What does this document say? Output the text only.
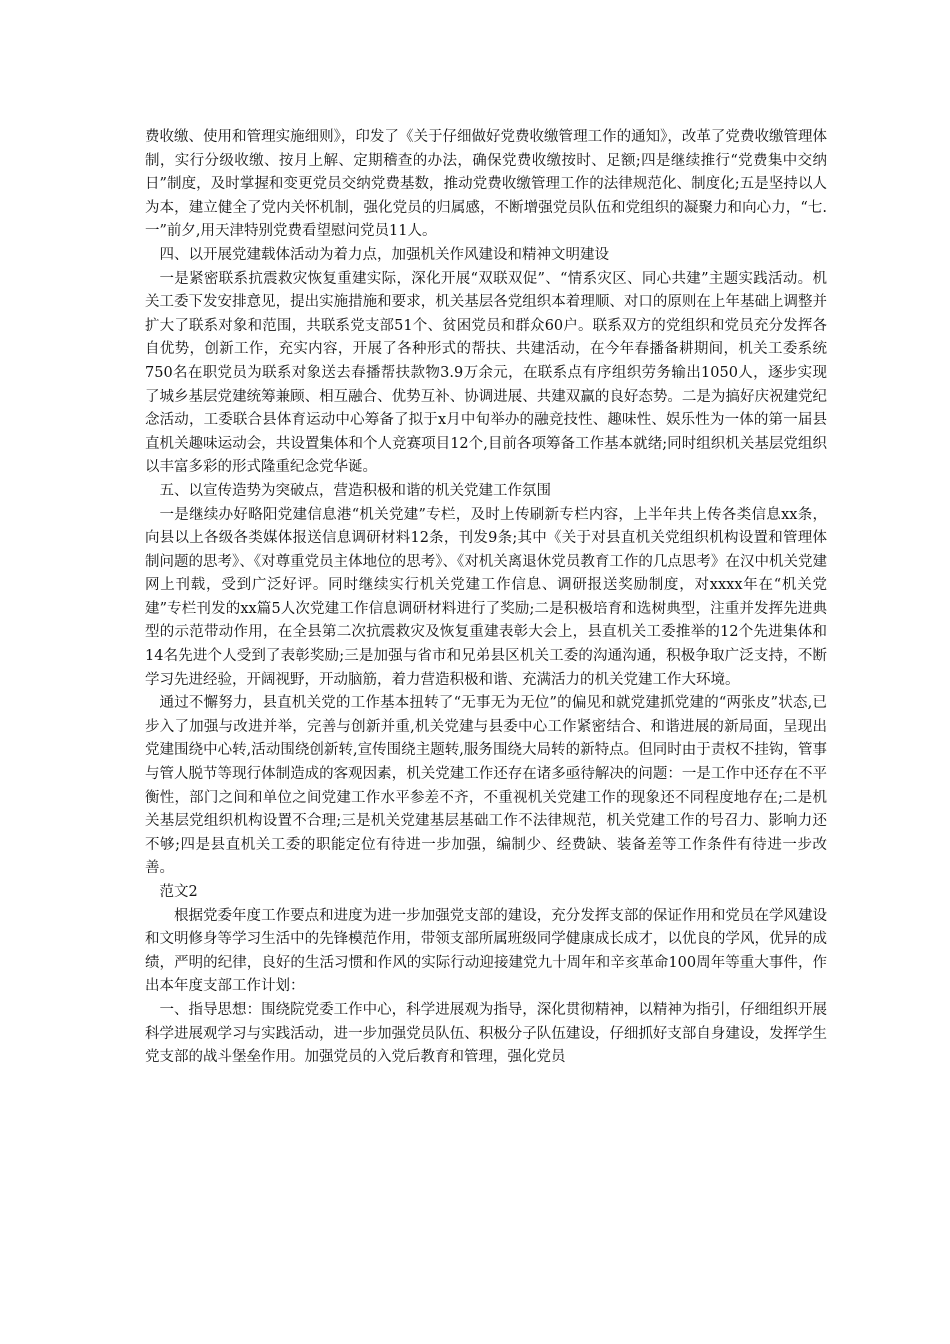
费收缴、使用和管理实施细则》，印发了《关于仔细做好党费收缴管理工作的通知》，改革了党费收缴管理体制，实行分级收缴、按月上解、定期稽查的办法，确保党费收缴按时、足额;四是继续推行“党费集中交纳日”制度，及时掌握和变更党员交纳党费基数，推动党费收缴管理工作的法律规范化、制度化;五是坚持以人为本，建立健全了党内关怀机制，强化党员的归属感，不断增强党员队伍和党组织的凝聚力和向心力，“七.一”前夕,用天津特别党费看望慰问党员11人。

四、以开展党建载体活动为着力点，加强机关作风建设和精神文明建设

一是紧密联系抗震救灾恢复重建实际，深化开展“双联双促”、“情系灾区、同心共建”主题实践活动。机关工委下发安排意见，提出实施措施和要求，机关基层各党组织本着理顺、对口的原则在上年基础上调整并扩大了联系对象和范围，共联系党支部51个、贫困党员和群众60户。联系双方的党组织和党员充分发挥各自优势，创新工作，充实内容，开展了各种形式的帮扶、共建活动，在今年春播备耕期间，机关工委系统750名在职党员为联系对象送去春播帮扶款物3.9万余元，在联系点有序组织劳务输出1050人，逐步实现了城乡基层党建统筹兼顾、相互融合、优势互补、协调进展、共建双赢的良好态势。二是为搞好庆祝建党纪念活动，工委联合县体育运动中心筹备了拟于x月中旬举办的融竞技性、趣味性、娱乐性为一体的第一届县直机关趣味运动会，共设置集体和个人竞赛项目12个,目前各项筹备工作基本就绪;同时组织机关基层党组织以丰富多彩的形式隆重纪念党华诞。

五、以宣传造势为突破点，营造积极和谐的机关党建工作氛围

一是继续办好略阳党建信息港“机关党建”专栏，及时上传刷新专栏内容，上半年共上传各类信息xx条，向县以上各级各类媒体报送信息调研材料12条，刊发9条;其中《关于对县直机关党组织机构设置和管理体制问题的思考》、《对尊重党员主体地位的思考》、《对机关离退休党员教育工作的几点思考》在汉中机关党建网上刊载，受到广泛好评。同时继续实行机关党建工作信息、调研报送奖励制度，对xxxx年在“机关党建”专栏刊发的xx篇5人次党建工作信息调研材料进行了奖励;二是积极培育和选树典型，注重并发挥先进典型的示范带动作用，在全县第二次抗震救灾及恢复重建表彰大会上，县直机关工委推举的12个先进集体和14名先进个人受到了表彰奖励;三是加强与省市和兄弟县区机关工委的沟通沟通，积极争取广泛支持，不断学习先进经验，开阔视野，开动脑筋，着力营造积极和谐、充满活力的机关党建工作大环境。

通过不懈努力，县直机关党的工作基本扭转了“无事无为无位”的偏见和就党建抓党建的“两张皮”状态,已步入了加强与改进并举，完善与创新并重,机关党建与县委中心工作紧密结合、和谐进展的新局面，呈现出党建围绕中心转,活动围绕创新转,宣传围绕主题转,服务围绕大局转的新特点。但同时由于责权不挂钩，管事与管人脱节等现行体制造成的客观因素，机关党建工作还存在诸多亟待解决的问题：一是工作中还存在不平衡性，部门之间和单位之间党建工作水平参差不齐，不重视机关党建工作的现象还不同程度地存在;二是机关基层党组织机构设置不合理;三是机关党建基层基础工作不法律规范，机关党建工作的号召力、影响力还不够;四是县直机关工委的职能定位有待进一步加强，编制少、经费缺、装备差等工作条件有待进一步改善。

范文2

根据党委年度工作要点和进度为进一步加强党支部的建设，充分发挥支部的保证作用和党员在学风建设和文明修身等学习生活中的先锋模范作用，带领支部所属班级同学健康成长成才，以优良的学风，优异的成绩，严明的纪律，良好的生活习惯和作风的实际行动迎接建党九十周年和辛亥革命100周年等重大事件，作出本年度支部工作计划：

一、指导思想：围绕院党委工作中心，科学进展观为指导，深化贯彻精神，以精神为指引，仔细组织开展科学进展观学习与实践活动，进一步加强党员队伍、积极分子队伍建设，仔细抓好支部自身建设，发挥学生党支部的战斗堡垒作用。加强党员的入党后教育和管理，强化党员
